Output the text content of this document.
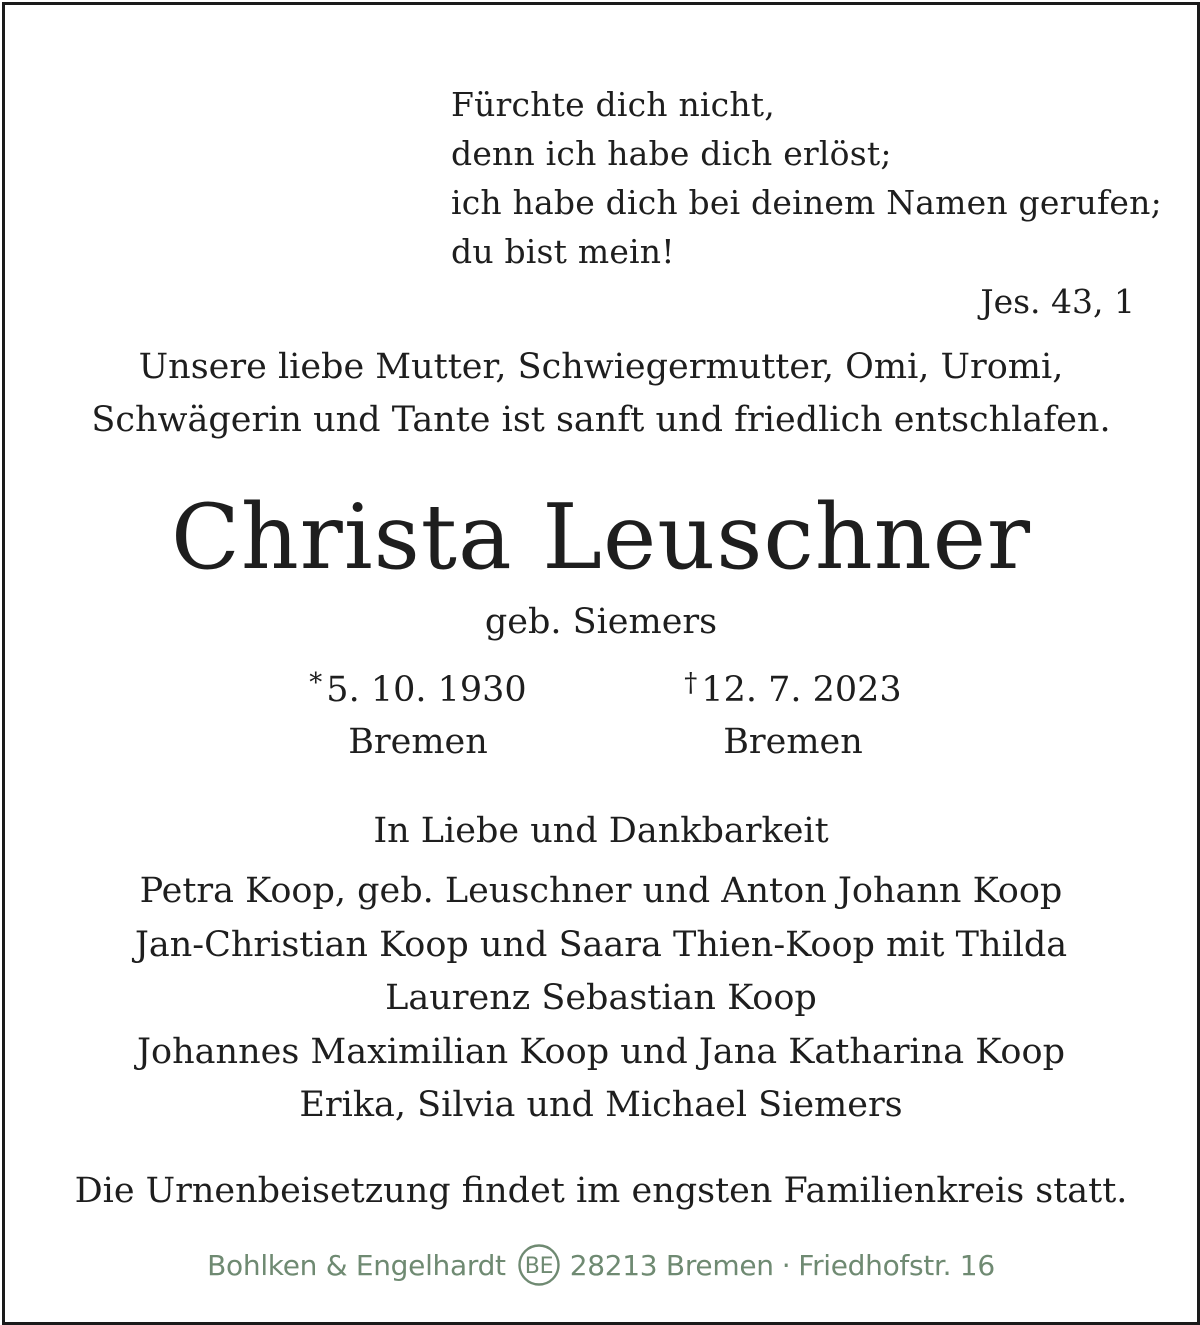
Fürchte dich nicht,
denn ich habe dich erlöst;
ich habe dich bei deinem Namen gerufen;
du bist mein!
Jes. 43, 1
Unsere liebe Mutter, Schwiegermutter, Omi, Uromi,
Schwägerin und Tante ist sanft und friedlich entschlafen.
Christa Leuschner
geb. Siemers
* 5. 10. 1930
Bremen
† 12. 7. 2023
Bremen
In Liebe und Dankbarkeit
Petra Koop, geb. Leuschner und Anton Johann Koop
Jan-Christian Koop und Saara Thien-Koop mit Thilda
Laurenz Sebastian Koop
Johannes Maximilian Koop und Jana Katharina Koop
Erika, Silvia und Michael Siemers
Die Urnenbeisetzung findet im engsten Familienkreis statt.
Bohlken & Engelhardt BE 28213 Bremen · Friedhofstr. 16
